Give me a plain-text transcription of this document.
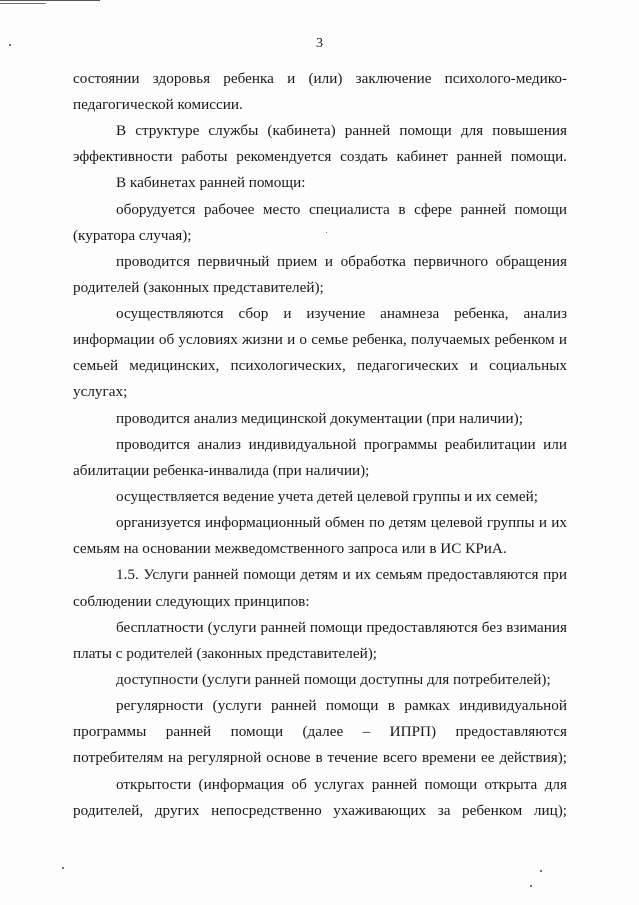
3
состоянии здоровья ребенка и (или) заключение психолого-медико-
педагогической комиссии.
В структуре службы (кабинета) ранней помощи для повышения
эффективности работы рекомендуется создать кабинет ранней помощи.
В кабинетах ранней помощи:
оборудуется рабочее место специалиста в сфере ранней помощи
(куратора случая);
проводится первичный прием и обработка первичного обращения
родителей (законных представителей);
осуществляются сбор и изучение анамнеза ребенка, анализ
информации об условиях жизни и о семье ребенка, получаемых ребенком и
семьей медицинских, психологических, педагогических и социальных
услугах;
проводится анализ медицинской документации (при наличии);
проводится анализ индивидуальной программы реабилитации или
абилитации ребенка-инвалида (при наличии);
осуществляется ведение учета детей целевой группы и их семей;
организуется информационный обмен по детям целевой группы и их
семьям на основании межведомственного запроса или в ИС КРиА.
1.5. Услуги ранней помощи детям и их семьям предоставляются при
соблюдении следующих принципов:
бесплатности (услуги ранней помощи предоставляются без взимания
платы с родителей (законных представителей);
доступности (услуги ранней помощи доступны для потребителей);
регулярности (услуги ранней помощи в рамках индивидуальной
программы ранней помощи (далее – ИПРП) предоставляются
потребителям на регулярной основе в течение всего времени ее действия);
открытости (информация об услугах ранней помощи открыта для
родителей, других непосредственно ухаживающих за ребенком лиц);
